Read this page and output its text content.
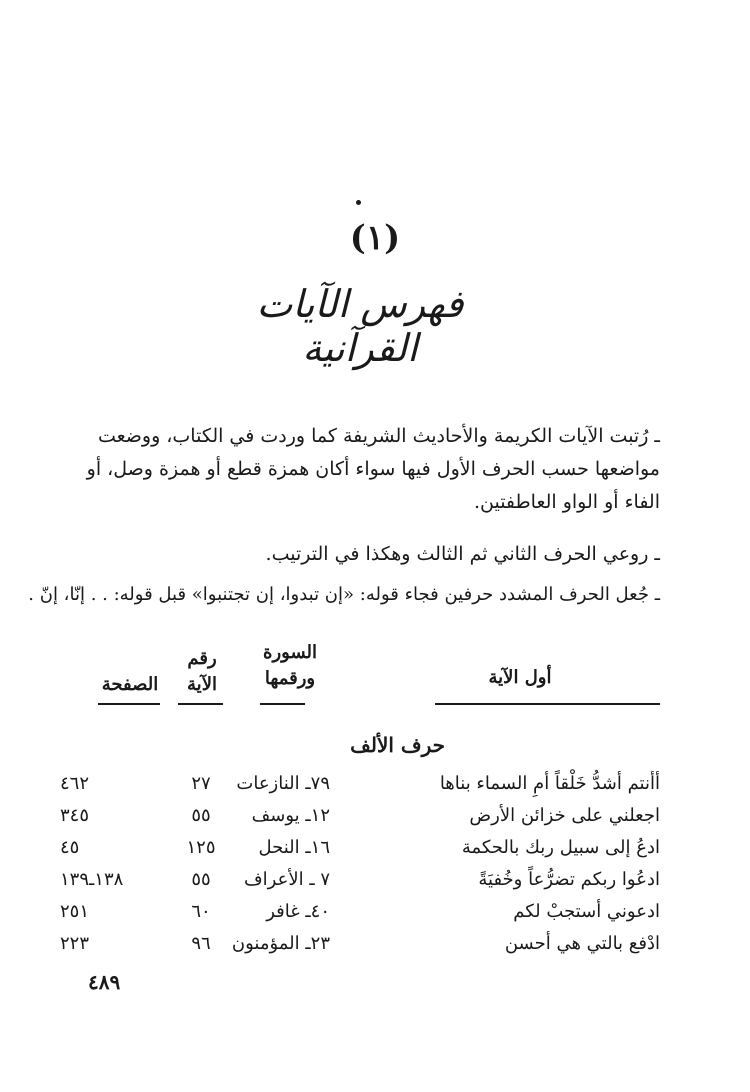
(١)
فهرس الآيات القرآنية
ـ رُتبت الآيات الكريمة والأحاديث الشريفة كما وردت في الكتاب، ووضعت مواضعها حسب الحرف الأول فيها سواء أكان همزة قطع أو همزة وصل، أو الفاء أو الواو العاطفتين.
ـ روعي الحرف الثاني ثم الثالث وهكذا في الترتيب.
ـ جُعل الحرف المشدد حرفين فجاء قوله: «إن تبدوا، إن تجتنبوا» قبل قوله: . . إنّا، إنّ .
أول الآية
السورة ورقمها
رقم الآية
الصفحة
حرف الألف
أأنتم أشدُّ خَلْقاً أمِ السماء بناها
٧٩ـ النازعات
٢٧
٤٦٢
اجعلني على خزائن الأرض
١٢ـ يوسف
٥٥
٣٤٥
ادعُ إلى سبيل ربك بالحكمة
١٦ـ النحل
١٢٥
٤٥
ادعُوا ربكم تضرُّعاً وخُفيَةً
٧ ـ الأعراف
٥٥
١٣٨ـ١٣٩
ادعوني أستجبْ لكم
٤٠ـ غافر
٦٠
٢٥١
ادْفع بالتي هي أحسن
٢٣ـ المؤمنون
٩٦
٢٢٣
٤٨٩
